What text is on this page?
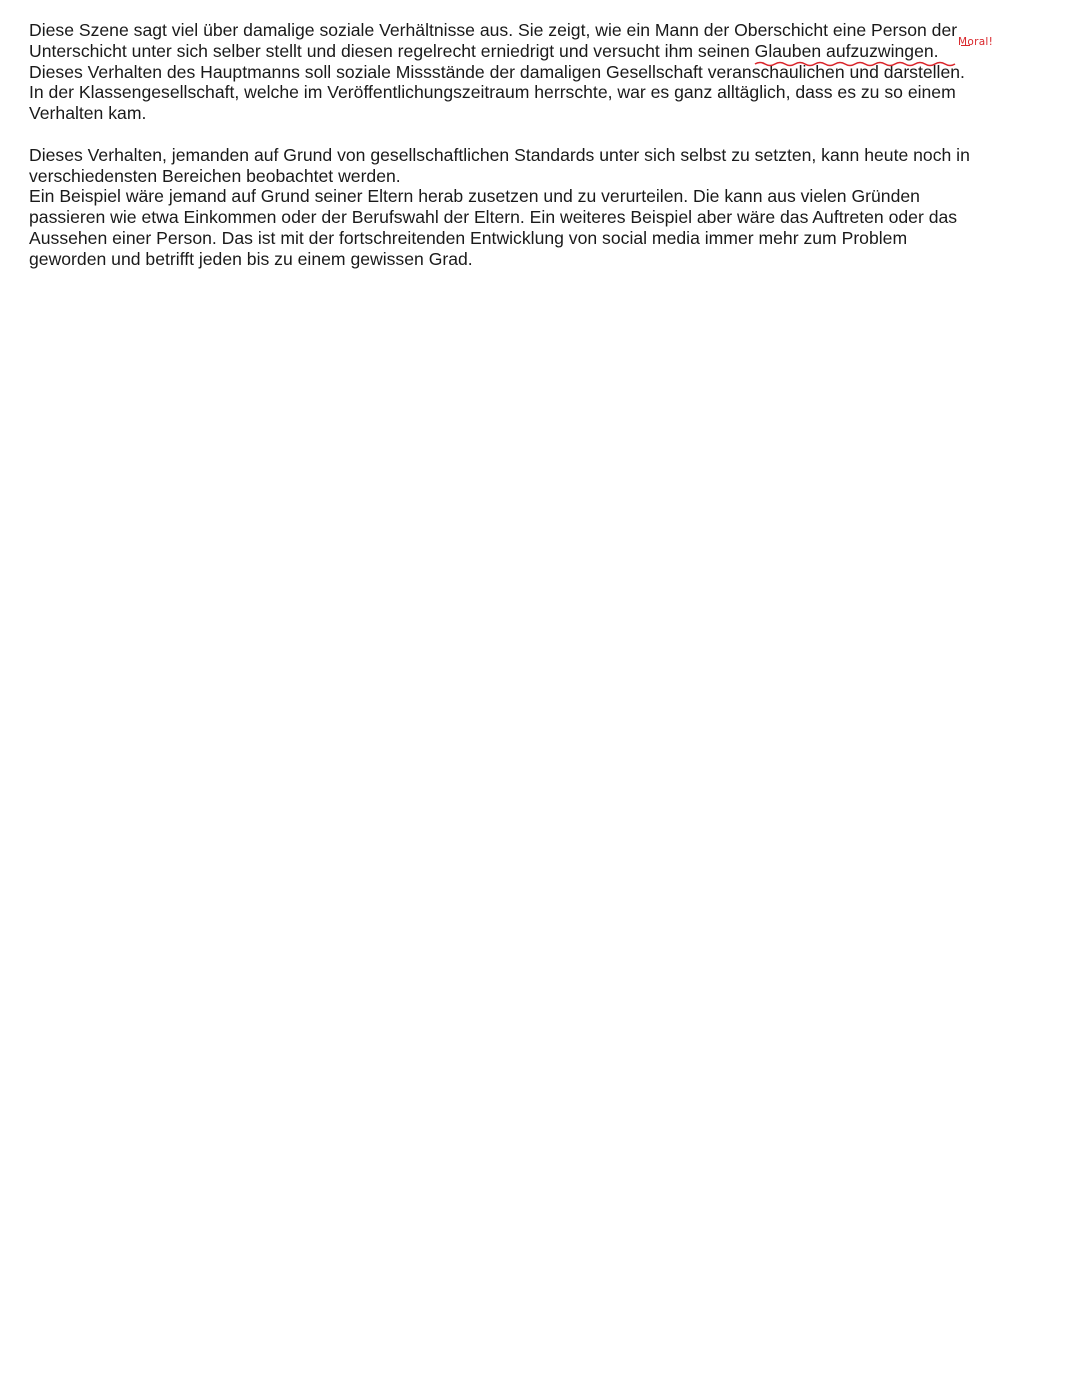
Diese Szene sagt viel über damalige soziale Verhältnisse aus. Sie zeigt, wie ein Mann der Oberschicht eine Person der
Unterschicht unter sich selber stellt und diesen regelrecht erniedrigt und versucht ihm seinen Glauben aufzuzwingen.
Dieses Verhalten des Hauptmanns soll soziale Missstände der damaligen Gesellschaft veranschaulichen und darstellen.
In der Klassengesellschaft, welche im Veröffentlichungszeitraum herrschte, war es ganz alltäglich, dass es zu so einem
Verhalten kam.

Dieses Verhalten, jemanden auf Grund von gesellschaftlichen Standards unter sich selbst zu setzten, kann heute noch in
verschiedensten Bereichen beobachtet werden.
Ein Beispiel wäre jemand auf Grund seiner Eltern herab zusetzen und zu verurteilen. Die kann aus vielen Gründen
passieren wie etwa Einkommen oder der Berufswahl der Eltern. Ein weiteres Beispiel aber wäre das Auftreten oder das
Aussehen einer Person. Das ist mit der fortschreitenden Entwicklung von social media immer mehr zum Problem
geworden und betrifft jeden bis zu einem gewissen Grad.

Moral!
